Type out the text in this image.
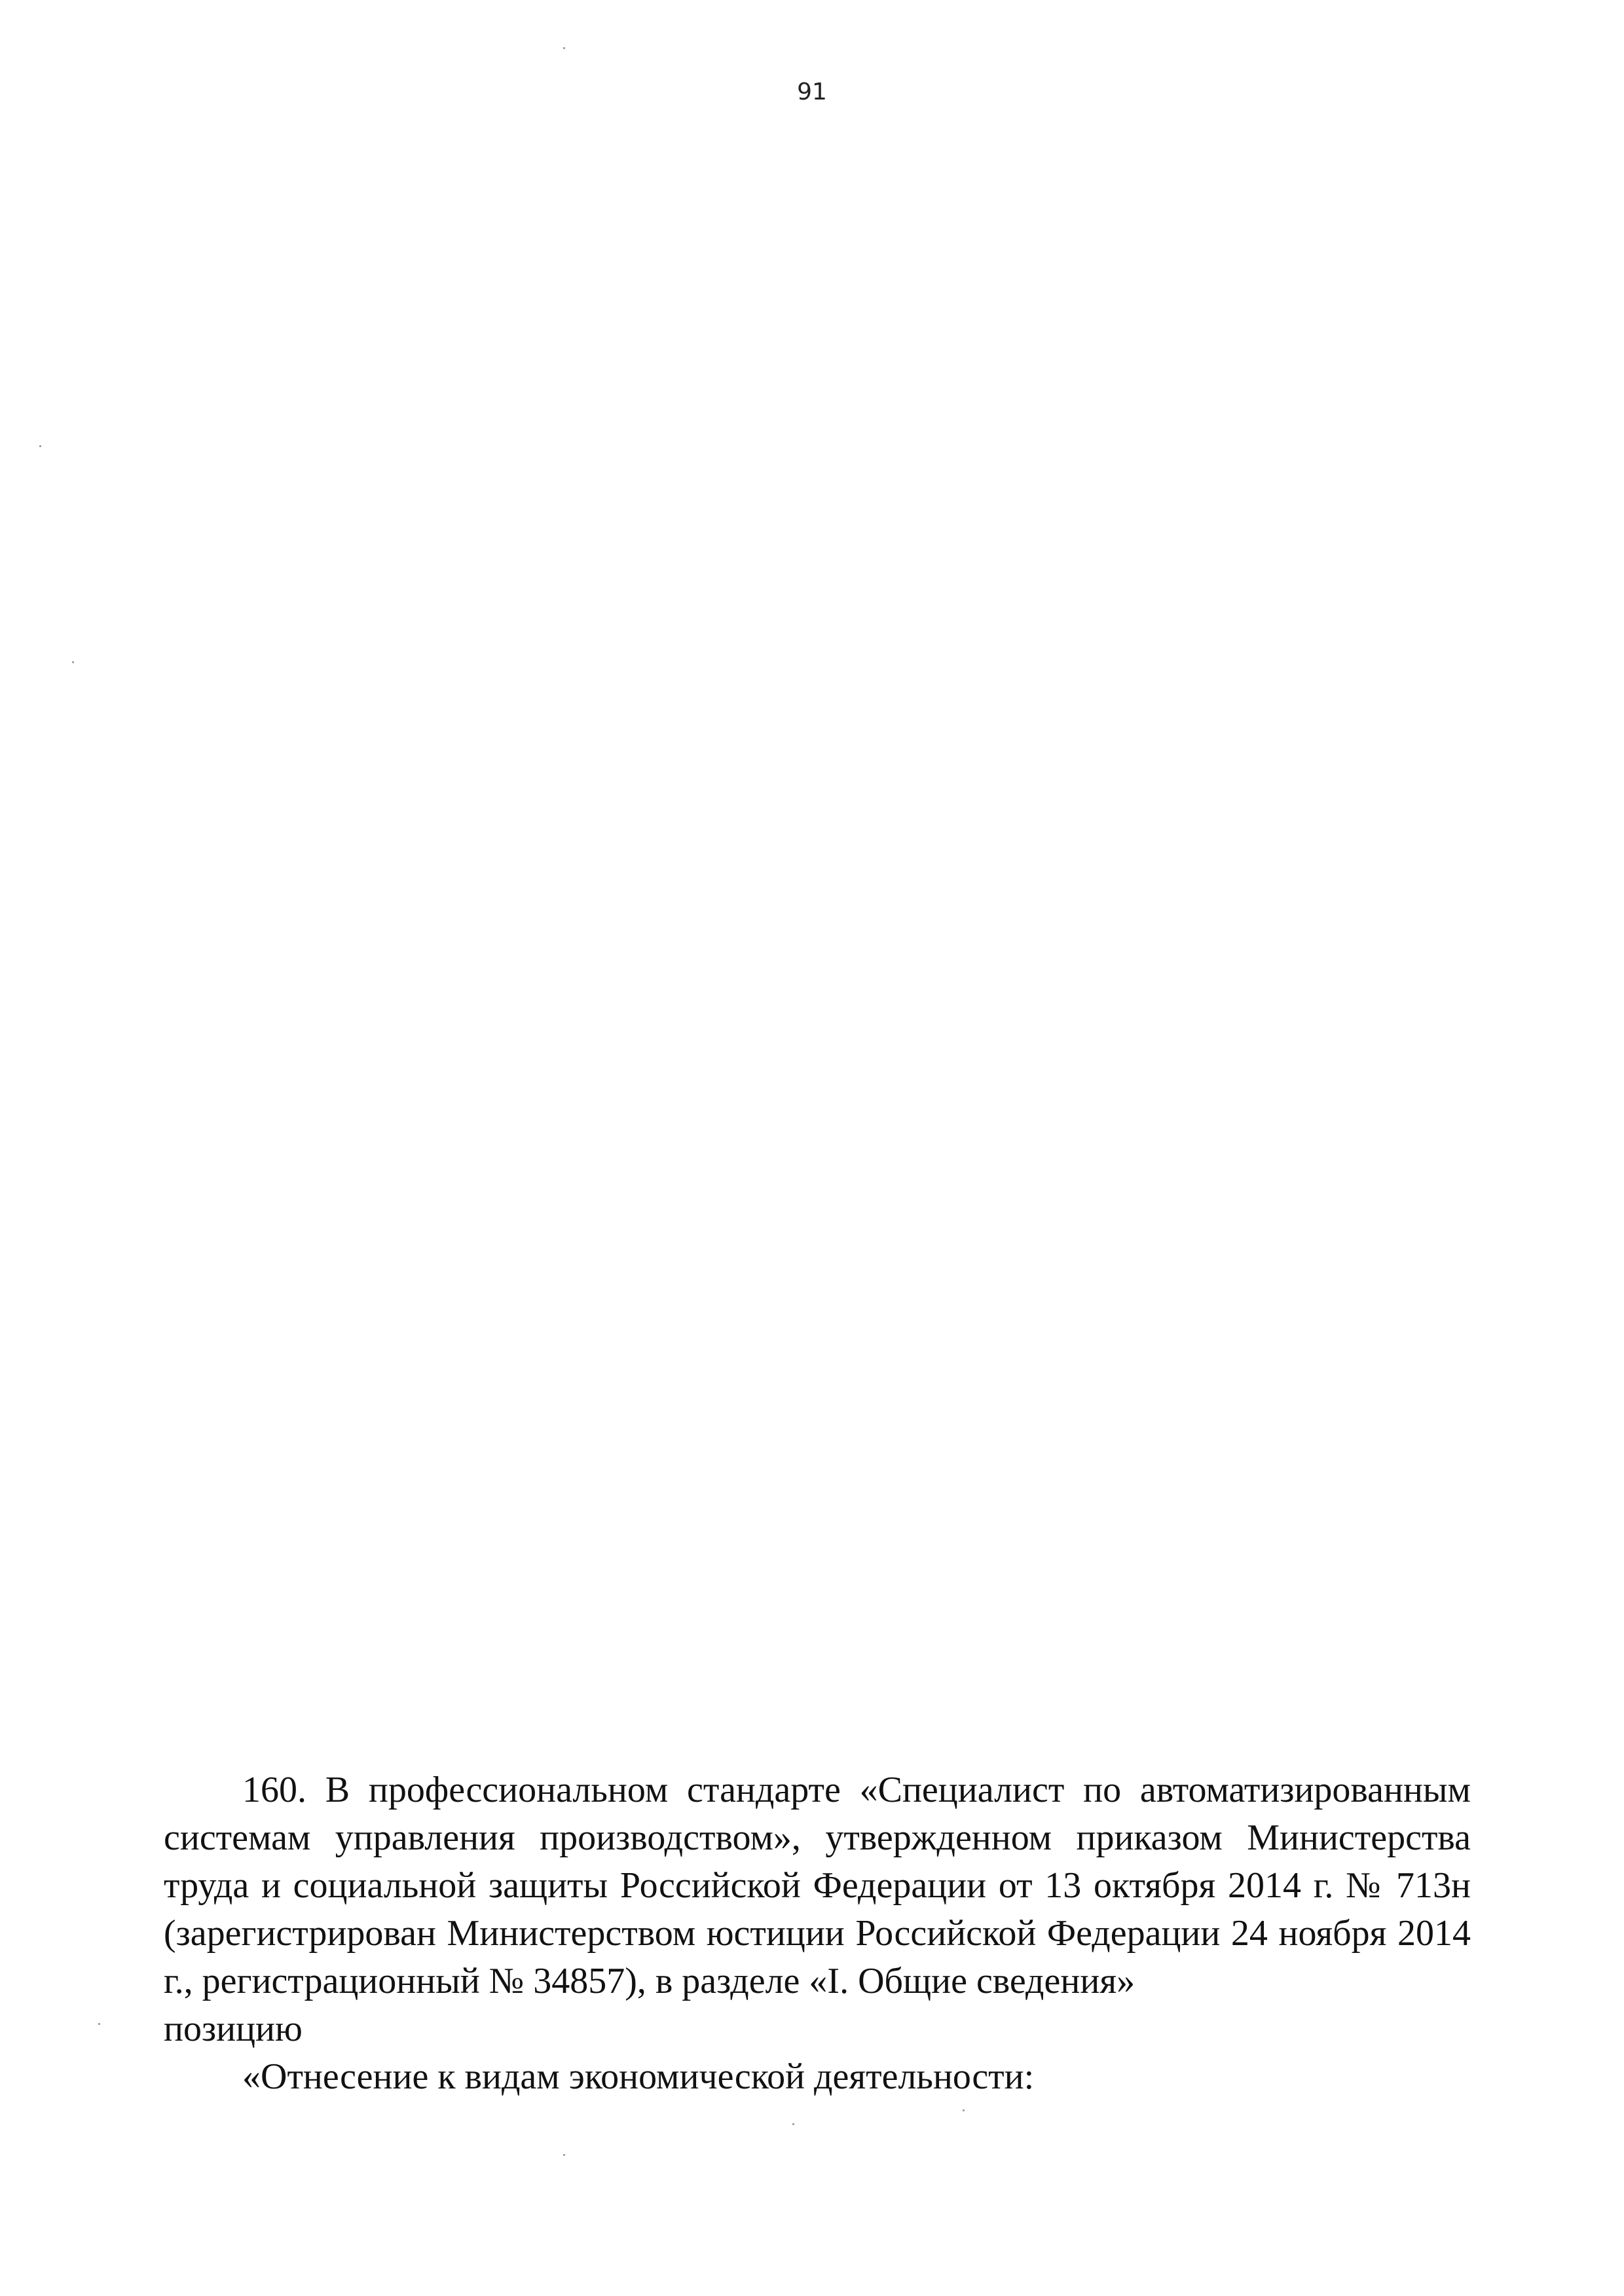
91

160. В профессиональном стандарте «Специалист по автоматизированным системам управления производством», утвержденном приказом Министерства труда и социальной защиты Российской Федерации от 13 октября 2014 г. № 713н (зарегистрирован Министерством юстиции Российской Федерации 24 ноября 2014 г., регистрационный № 34857), в разделе «I. Общие сведения»

позицию

«Отнесение к видам экономической деятельности:
